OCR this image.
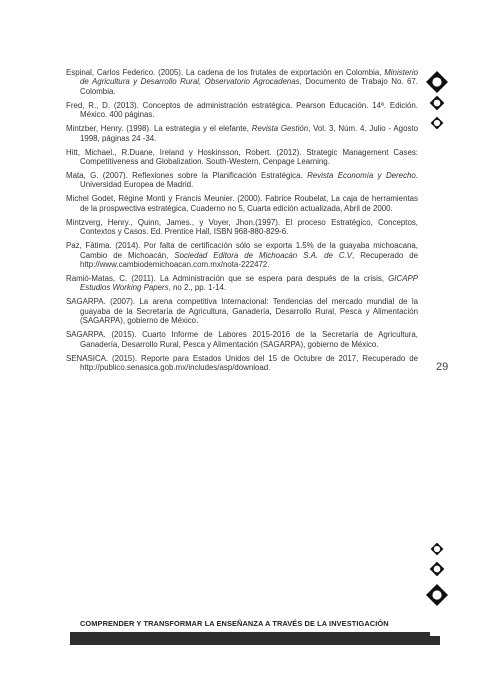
Espinal, Carlos Federico. (2005). La cadena de los frutales de exportación en Colombia, Ministerio de Agricultura y Desarrollo Rural, Observatorio Agrocadenas, Documento de Trabajo No. 67. Colombia.
Fred, R., D. (2013). Conceptos de administración estratégica. Pearson Educación. 14ª. Edición. México. 400 páginas.
Mintzber, Henry. (1998). La estrategia y el elefante, Revista Gestión, Vol. 3, Núm. 4. Julio - Agosto 1998, páginas 24 -34.
Hitt, Michael., R.Duane, Ireland y Hoskinsson, Robert. (2012). Strategic Management Cases: Competitiveness and Globalization. South-Western, Cenpage Learning.
Mata, G. (2007). Reflexiones sobre la Planificación Estratégica. Revista Economía y Derecho. Universidad Europea de Madrid.
Michel Godet, Régine Monti y Francis Meunier. (2000). Fabrice Roubelat, La caja de herramientas de la prospwectiva estratégica, Cuaderno no 5, Cuarta edición actualizada, Abril de 2000.
Mintzverg, Henry., Quinn, James., y Voyer, Jhon.(1997). El proceso Estratégico, Conceptos, Contextos y Casos. Ed. Prentice Hall, ISBN 968-880-829-6.
Paz, Fátima. (2014). Por falta de certificación sólo se exporta 1.5% de la guayaba michoacana, Cambio de Michoacán, Sociedad Editora de Michoacán S.A. de C.V, Recuperado de http://www.cambiodemichoacan.com.mx/nota-222472.
Ramió-Matas, C. (2011). La Administración que se espera para después de la crisis, GICAPP Estudios Working Papers, no 2., pp. 1-14.
SAGARPA. (2007). La arena competitiva Internacional: Tendencias del mercado mundial de la guayaba de la Secretaría de Agricultura, Ganadería, Desarrollo Rural, Pesca y Alimentación (SAGARPA), gobierno de México.
SAGARPA. (2015). Cuarto Informe de Labores 2015-2016 de la Secretaría de Agricultura, Ganadería, Desarrollo Rural, Pesca y Alimentación (SAGARPA), gobierno de México.
SENASICA. (2015). Reporte para Estados Unidos del 15 de Octubre de 2017, Recuperado de http://publico.senasica.gob.mx/includes/asp/download.	29
COMPRENDER Y TRANSFORMAR LA ENSEÑANZA A TRAVÉS DE LA INVESTIGACIÓN
